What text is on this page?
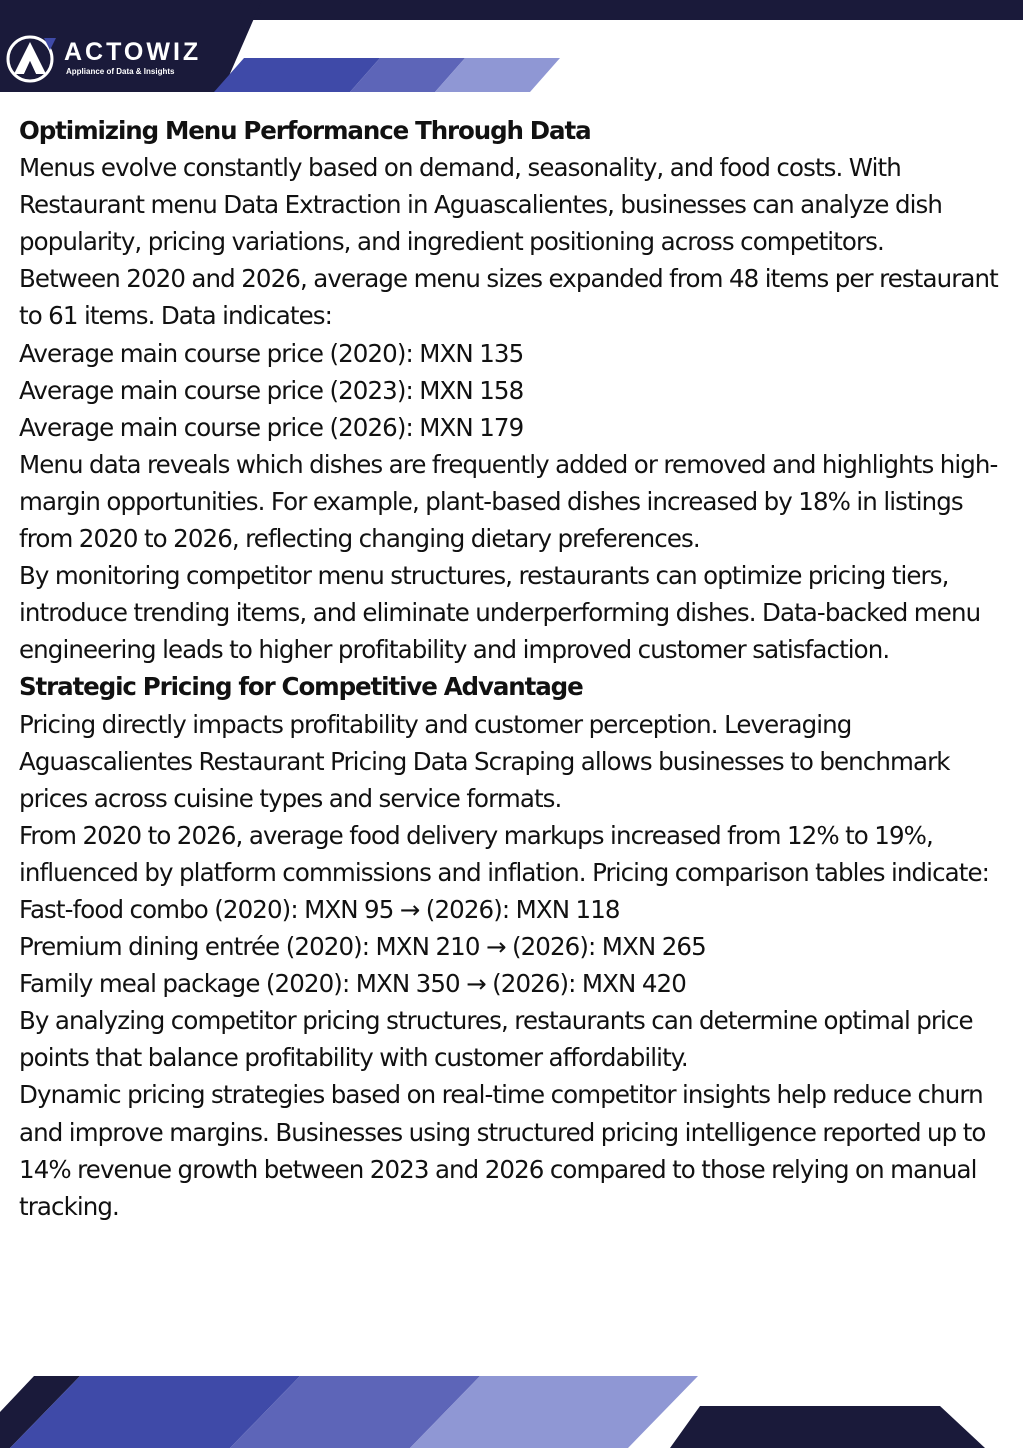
ACTOWIZ
Appliance of Data & Insights
Optimizing Menu Performance Through Data

Menus evolve constantly based on demand, seasonality, and food costs. With Restaurant menu Data Extraction in Aguascalientes, businesses can analyze dish popularity, pricing variations, and ingredient positioning across competitors.

Between 2020 and 2026, average menu sizes expanded from 48 items per restaurant to 61 items. Data indicates:

Average main course price (2020): MXN 135

Average main course price (2023): MXN 158

Average main course price (2026): MXN 179

Menu data reveals which dishes are frequently added or removed and highlights high-margin opportunities. For example, plant-based dishes increased by 18% in listings from 2020 to 2026, reflecting changing dietary preferences.

By monitoring competitor menu structures, restaurants can optimize pricing tiers, introduce trending items, and eliminate underperforming dishes. Data-backed menu engineering leads to higher profitability and improved customer satisfaction.

Strategic Pricing for Competitive Advantage

Pricing directly impacts profitability and customer perception. Leveraging Aguascalientes Restaurant Pricing Data Scraping allows businesses to benchmark prices across cuisine types and service formats.

From 2020 to 2026, average food delivery markups increased from 12% to 19%, influenced by platform commissions and inflation. Pricing comparison tables indicate:

Fast-food combo (2020): MXN 95 → (2026): MXN 118

Premium dining entrée (2020): MXN 210 → (2026): MXN 265

Family meal package (2020): MXN 350 → (2026): MXN 420

By analyzing competitor pricing structures, restaurants can determine optimal price points that balance profitability with customer affordability.

Dynamic pricing strategies based on real-time competitor insights help reduce churn and improve margins. Businesses using structured pricing intelligence reported up to 14% revenue growth between 2023 and 2026 compared to those relying on manual tracking.
